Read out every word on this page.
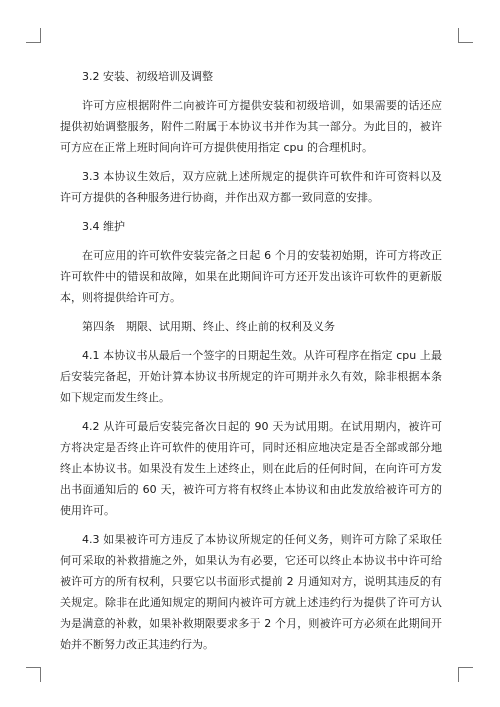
3.2 安装、初级培训及调整

许可方应根据附件二向被许可方提供安装和初级培训，如果需要的话还应提供初始调整服务，附件二附属于本协议书并作为其一部分。为此目的，被许可方应在正常上班时间向许可方提供使用指定 cpu 的合理机时。

3.3 本协议生效后，双方应就上述所规定的提供许可软件和许可资料以及许可方提供的各种服务进行协商，并作出双方都一致同意的安排。

3.4 维护

在可应用的许可软件安装完备之日起 6 个月的安装初始期，许可方将改正许可软件中的错误和故障，如果在此期间许可方还开发出该许可软件的更新版本，则将提供给许可方。

第四条　期限、试用期、终止、终止前的权利及义务

4.1 本协议书从最后一个签字的日期起生效。从许可程序在指定 cpu 上最后安装完备起，开始计算本协议书所规定的许可期并永久有效，除非根据本条如下规定而发生终止。

4.2 从许可最后安装完备次日起的 90 天为试用期。在试用期内，被许可方将决定是否终止许可软件的使用许可，同时还相应地决定是否全部或部分地终止本协议书。如果没有发生上述终止，则在此后的任何时间，在向许可方发出书面通知后的 60 天，被许可方将有权终止本协议和由此发放给被许可方的使用许可。

4.3 如果被许可方违反了本协议所规定的任何义务，则许可方除了采取任何可采取的补救措施之外，如果认为有必要，它还可以终止本协议书中许可给被许可方的所有权利，只要它以书面形式提前 2 月通知对方，说明其违反的有关规定。除非在此通知规定的期间内被许可方就上述违约行为提供了许可方认为是满意的补救，如果补救期限要求多于 2 个月，则被许可方必须在此期间开始并不断努力改正其违约行为。
